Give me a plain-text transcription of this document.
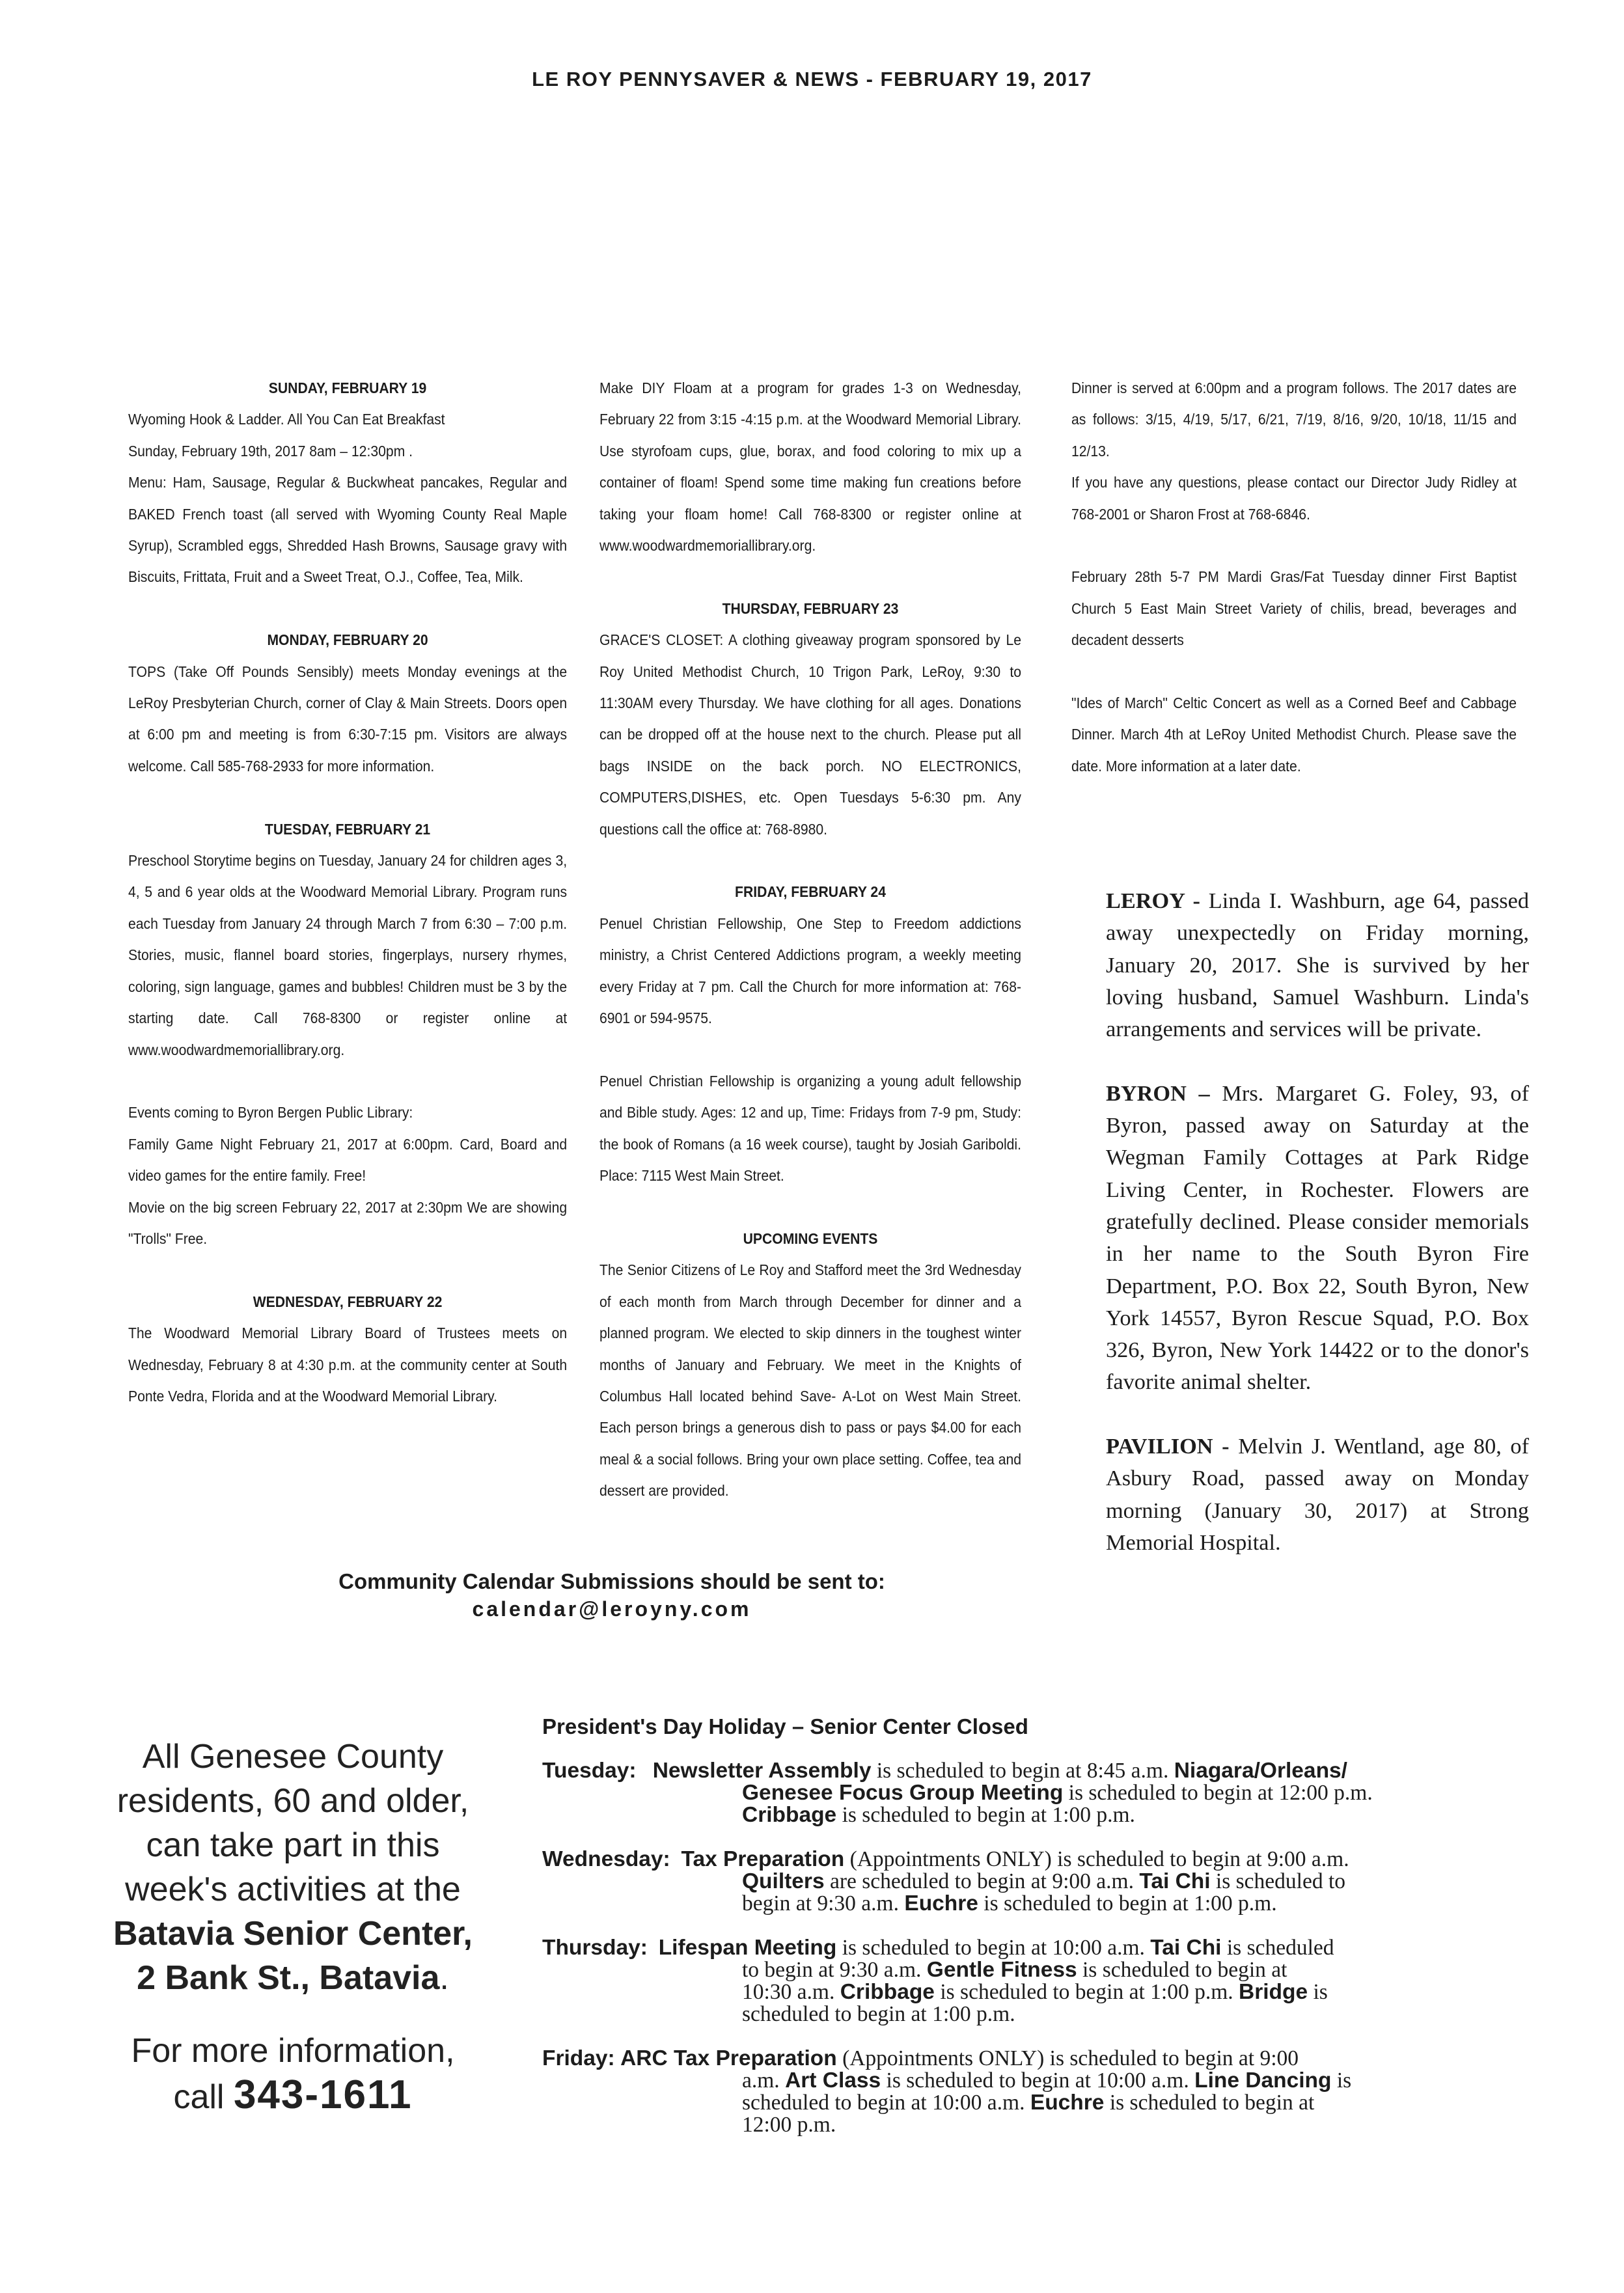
LE ROY PENNYSAVER & NEWS - FEBRUARY 19, 2017

SUNDAY, FEBRUARY 19
Wyoming Hook & Ladder. All You Can Eat Breakfast
Sunday, February 19th, 2017 8am – 12:30pm .
Menu: Ham, Sausage, Regular & Buckwheat pancakes, Regular and BAKED French toast (all served with Wyoming County Real Maple Syrup), Scrambled eggs, Shredded Hash Browns, Sausage gravy with Biscuits, Frittata, Fruit and a Sweet Treat, O.J., Coffee, Tea, Milk.

MONDAY, FEBRUARY 20
TOPS (Take Off Pounds Sensibly) meets Monday evenings at the LeRoy Presbyterian Church, corner of Clay & Main Streets. Doors open at 6:00 pm and meeting is from 6:30-7:15 pm. Visitors are always welcome. Call 585-768-2933 for more information.

TUESDAY, FEBRUARY 21
Preschool Storytime begins on Tuesday, January 24 for children ages 3, 4, 5 and 6 year olds at the Woodward Memorial Library. Program runs each Tuesday from January 24 through March 7 from 6:30 – 7:00 p.m. Stories, music, flannel board stories, fingerplays, nursery rhymes, coloring, sign language, games and bubbles! Children must be 3 by the starting date. Call 768-8300 or register online at www.woodwardmemoriallibrary.org.

Events coming to Byron Bergen Public Library:
Family Game Night February 21, 2017 at 6:00pm. Card, Board and video games for the entire family. Free!
Movie on the big screen February 22, 2017 at 2:30pm We are showing "Trolls" Free.

WEDNESDAY, FEBRUARY 22
The Woodward Memorial Library Board of Trustees meets on Wednesday, February 8 at 4:30 p.m. at the community center at South Ponte Vedra, Florida and at the Woodward Memorial Library.

Make DIY Floam at a program for grades 1-3 on Wednesday, February 22 from 3:15 -4:15 p.m. at the Woodward Memorial Library. Use styrofoam cups, glue, borax, and food coloring to mix up a container of floam! Spend some time making fun creations before taking your floam home! Call 768-8300 or register online at www.woodwardmemoriallibrary.org.

THURSDAY, FEBRUARY 23
GRACE'S CLOSET: A clothing giveaway program sponsored by Le Roy United Methodist Church, 10 Trigon Park, LeRoy, 9:30 to 11:30AM every Thursday. We have clothing for all ages. Donations can be dropped off at the house next to the church. Please put all bags INSIDE on the back porch. NO ELECTRONICS, COMPUTERS,DISHES, etc. Open Tuesdays 5-6:30 pm. Any questions call the office at: 768-8980.

FRIDAY, FEBRUARY 24
Penuel Christian Fellowship, One Step to Freedom addictions ministry, a Christ Centered Addictions program, a weekly meeting every Friday at 7 pm. Call the Church for more information at: 768-6901 or 594-9575.

Penuel Christian Fellowship is organizing a young adult fellowship and Bible study. Ages: 12 and up, Time: Fridays from 7-9 pm, Study: the book of Romans (a 16 week course), taught by Josiah Gariboldi. Place: 7115 West Main Street.

UPCOMING EVENTS
The Senior Citizens of Le Roy and Stafford meet the 3rd Wednesday of each month from March through December for dinner and a planned program. We elected to skip dinners in the toughest winter months of January and February. We meet in the Knights of Columbus Hall located behind Save- A-Lot on West Main Street. Each person brings a generous dish to pass or pays $4.00 for each meal & a social follows. Bring your own place setting. Coffee, tea and dessert are provided.

Dinner is served at 6:00pm and a program follows. The 2017 dates are as follows: 3/15, 4/19, 5/17, 6/21, 7/19, 8/16, 9/20, 10/18, 11/15 and 12/13.
If you have any questions, please contact our Director Judy Ridley at 768-2001 or Sharon Frost at 768-6846.

February 28th 5-7 PM Mardi Gras/Fat Tuesday dinner First Baptist Church 5 East Main Street Variety of chilis, bread, beverages and decadent desserts

"Ides of March" Celtic Concert as well as a Corned Beef and Cabbage Dinner. March 4th at LeRoy United Methodist Church. Please save the date. More information at a later date.

LEROY - Linda I. Washburn, age 64, passed away unexpectedly on Friday morning, January 20, 2017. She is survived by her loving husband, Samuel Washburn. Linda's arrangements and services will be private.

BYRON – Mrs. Margaret G. Foley, 93, of Byron, passed away on Saturday at the Wegman Family Cottages at Park Ridge Living Center, in Rochester. Flowers are gratefully declined. Please consider memorials in her name to the South Byron Fire Department, P.O. Box 22, South Byron, New York 14557, Byron Rescue Squad, P.O. Box 326, Byron, New York 14422 or to the donor's favorite animal shelter.

PAVILION - Melvin J. Wentland, age 80, of Asbury Road, passed away on Monday morning (January 30, 2017) at Strong Memorial Hospital.

Community Calendar Submissions should be sent to:
calendar@leroyny.com

All Genesee County

residents, 60 and older,

can take part in this

week's activities at the

Batavia Senior Center,

2 Bank St., Batavia.

For more information,

call 343-1611

President's Day Holiday – Senior Center Closed
Tuesday: Newsletter Assembly is scheduled to begin at 8:45 a.m. Niagara/Orleans/
Genesee Focus Group Meeting is scheduled to begin at 12:00 p.m.
Cribbage is scheduled to begin at 1:00 p.m.
Wednesday: Tax Preparation (Appointments ONLY) is scheduled to begin at 9:00 a.m.
Quilters are scheduled to begin at 9:00 a.m. Tai Chi is scheduled to
begin at 9:30 a.m. Euchre is scheduled to begin at 1:00 p.m.
Thursday: Lifespan Meeting is scheduled to begin at 10:00 a.m. Tai Chi is scheduled
to begin at 9:30 a.m. Gentle Fitness is scheduled to begin at
10:30 a.m. Cribbage is scheduled to begin at 1:00 p.m. Bridge is
scheduled to begin at 1:00 p.m.
Friday: ARC Tax Preparation (Appointments ONLY) is scheduled to begin at 9:00
a.m. Art Class is scheduled to begin at 10:00 a.m. Line Dancing is
scheduled to begin at 10:00 a.m. Euchre is scheduled to begin at
12:00 p.m.
